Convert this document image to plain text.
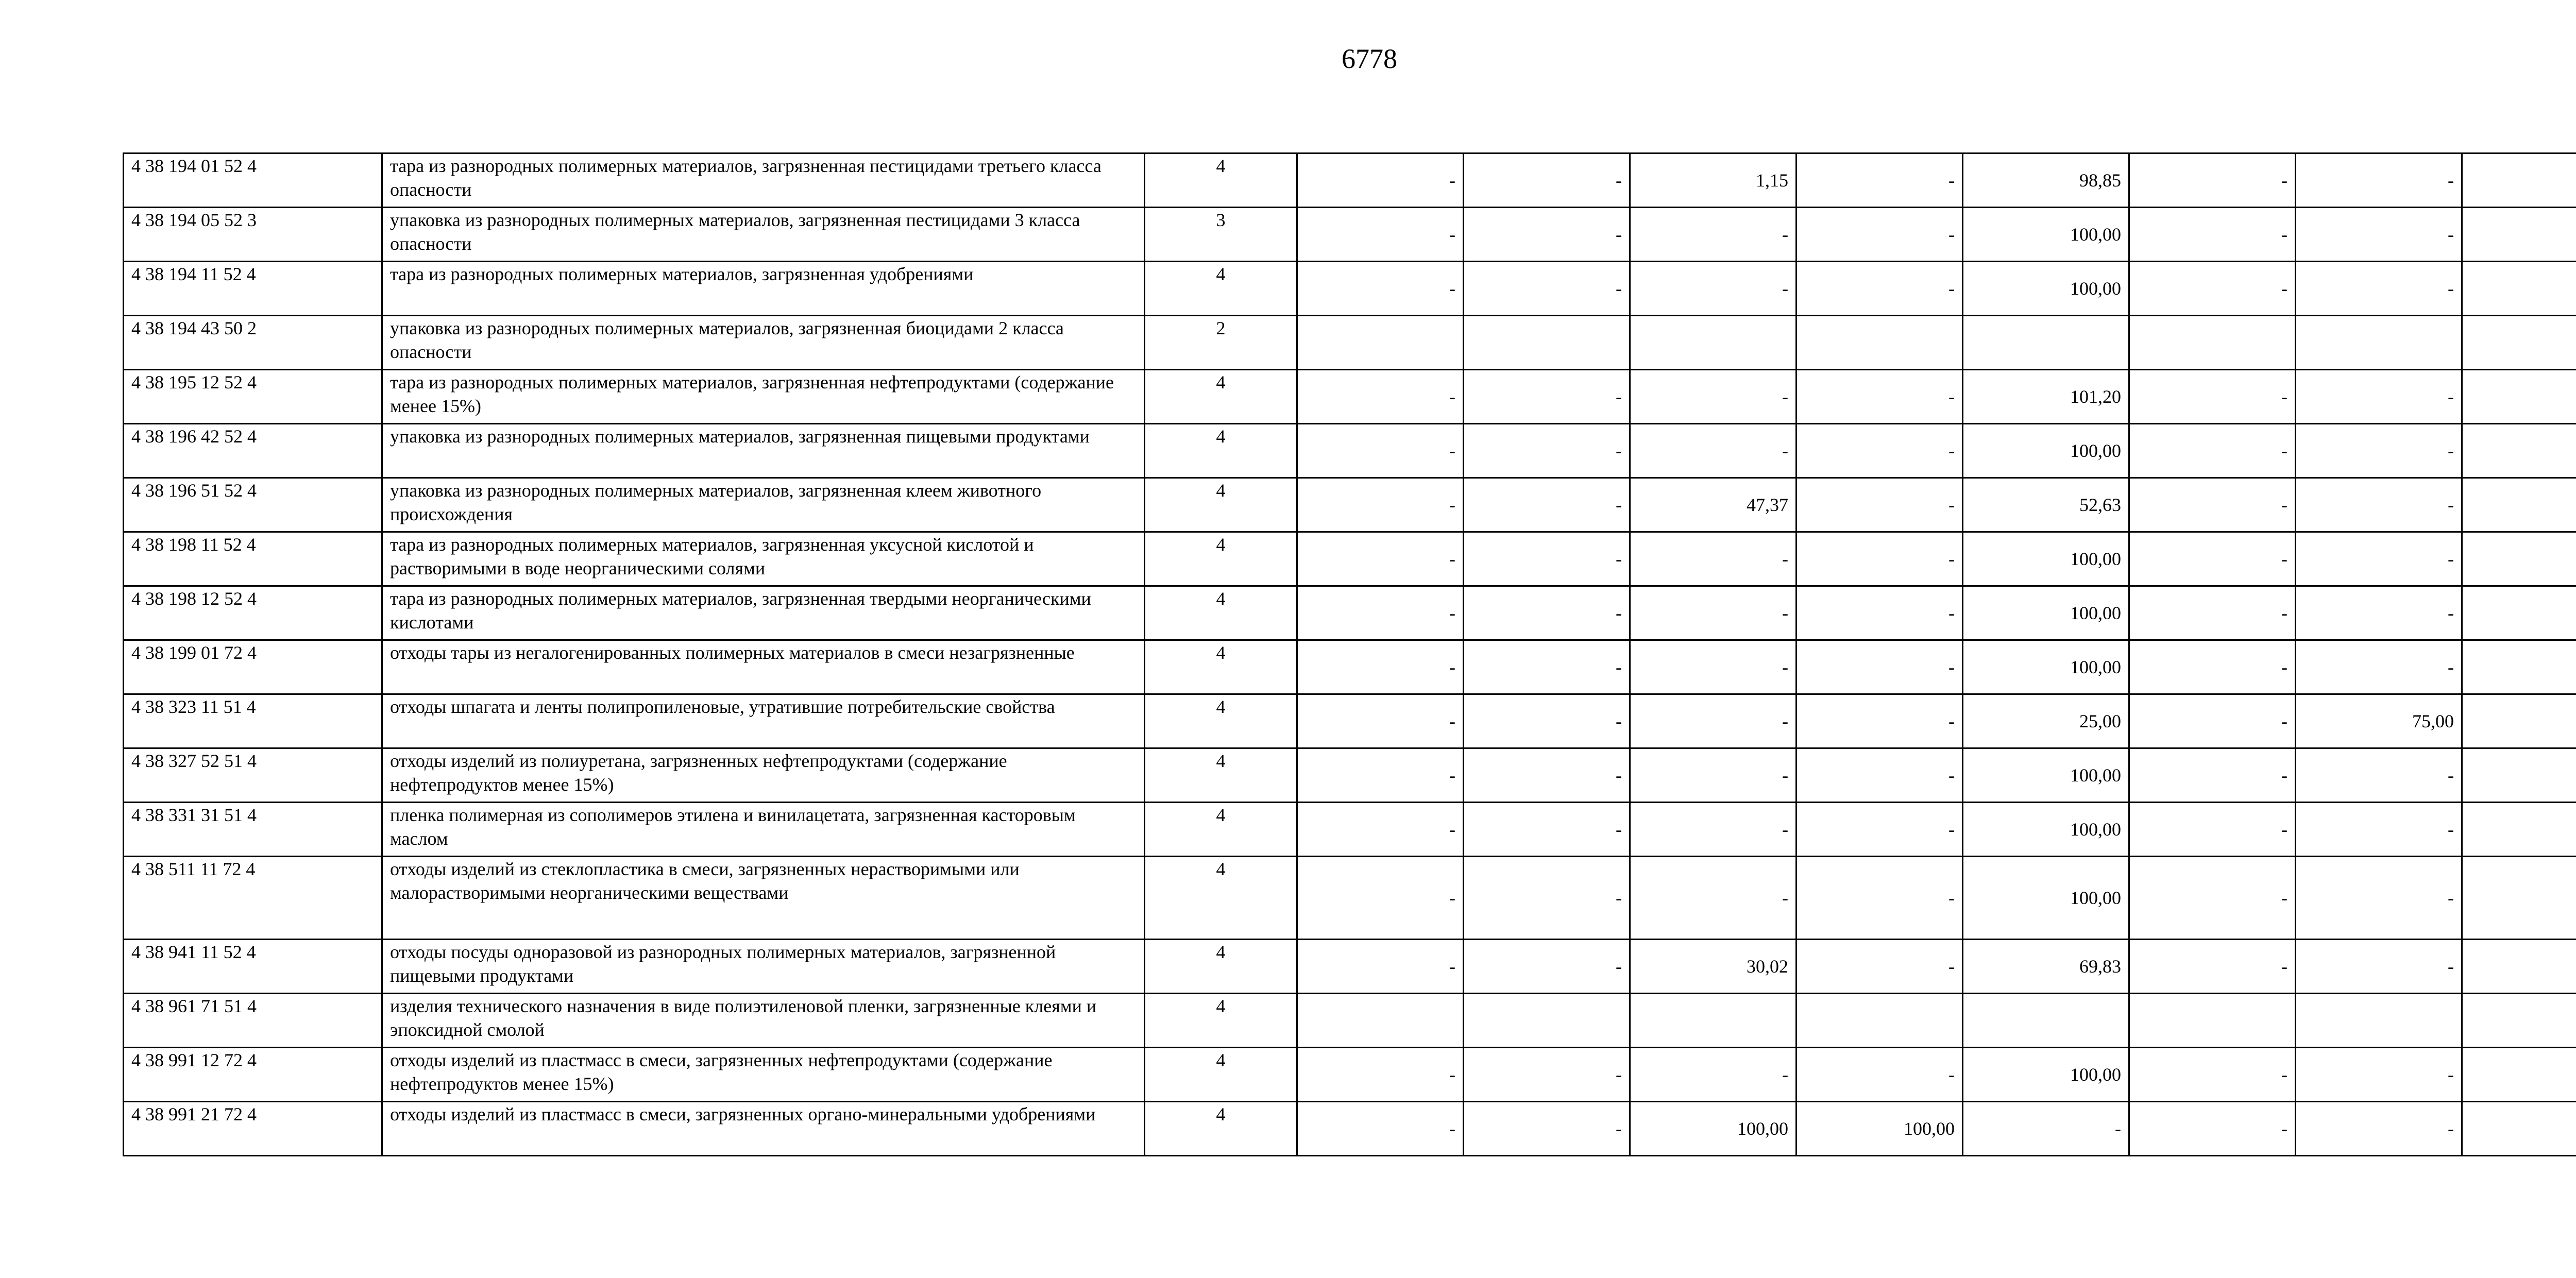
6778
4 38 194 01 52 4	тара из разнородных полимерных материалов, загрязненная пестицидами третьего класса опасности	4	-	-	1,15	-	98,85	-	-	
4 38 194 05 52 3	упаковка из разнородных полимерных материалов, загрязненная пестицидами 3 класса опасности	3	-	-	-	-	100,00	-	-	
4 38 194 11 52 4	тара из разнородных полимерных материалов, загрязненная удобрениями	4	-	-	-	-	100,00	-	-	
4 38 194 43 50 2	упаковка из разнородных полимерных материалов, загрязненная биоцидами 2 класса опасности	2								
4 38 195 12 52 4	тара из разнородных полимерных материалов, загрязненная нефтепродуктами (содержание менее 15%)	4	-	-	-	-	101,20	-	-	
4 38 196 42 52 4	упаковка из разнородных полимерных материалов, загрязненная пищевыми продуктами	4	-	-	-	-	100,00	-	-	
4 38 196 51 52 4	упаковка из разнородных полимерных материалов, загрязненная клеем животного происхождения	4	-	-	47,37	-	52,63	-	-	
4 38 198 11 52 4	тара из разнородных полимерных материалов, загрязненная уксусной кислотой и растворимыми в воде неорганическими солями	4	-	-	-	-	100,00	-	-	
4 38 198 12 52 4	тара из разнородных полимерных материалов, загрязненная твердыми неорганическими кислотами	4	-	-	-	-	100,00	-	-	
4 38 199 01 72 4	отходы тары из негалогенированных полимерных материалов в смеси незагрязненные	4	-	-	-	-	100,00	-	-	
4 38 323 11 51 4	отходы шпагата и ленты полипропиленовые, утратившие потребительские свойства	4	-	-	-	-	25,00	-	75,00	
4 38 327 52 51 4	отходы изделий из полиуретана, загрязненных нефтепродуктами (содержание нефтепродуктов менее 15%)	4	-	-	-	-	100,00	-	-	
4 38 331 31 51 4	пленка полимерная из сополимеров этилена и винилацетата, загрязненная касторовым маслом	4	-	-	-	-	100,00	-	-	
4 38 511 11 72 4	отходы изделий из стеклопластика в смеси, загрязненных нерастворимыми или малорастворимыми неорганическими веществами	4	-	-	-	-	100,00	-	-	
4 38 941 11 52 4	отходы посуды одноразовой из разнородных полимерных материалов, загрязненной пищевыми продуктами	4	-	-	30,02	-	69,83	-	-	
4 38 961 71 51 4	изделия технического назначения в виде полиэтиленовой пленки, загрязненные клеями и эпоксидной смолой	4								
4 38 991 12 72 4	отходы изделий из пластмасс в смеси, загрязненных нефтепродуктами (содержание нефтепродуктов менее 15%)	4	-	-	-	-	100,00	-	-	
4 38 991 21 72 4	отходы изделий из пластмасс в смеси, загрязненных органо-минеральными удобрениями	4	-	-	100,00	100,00	-	-	-	
